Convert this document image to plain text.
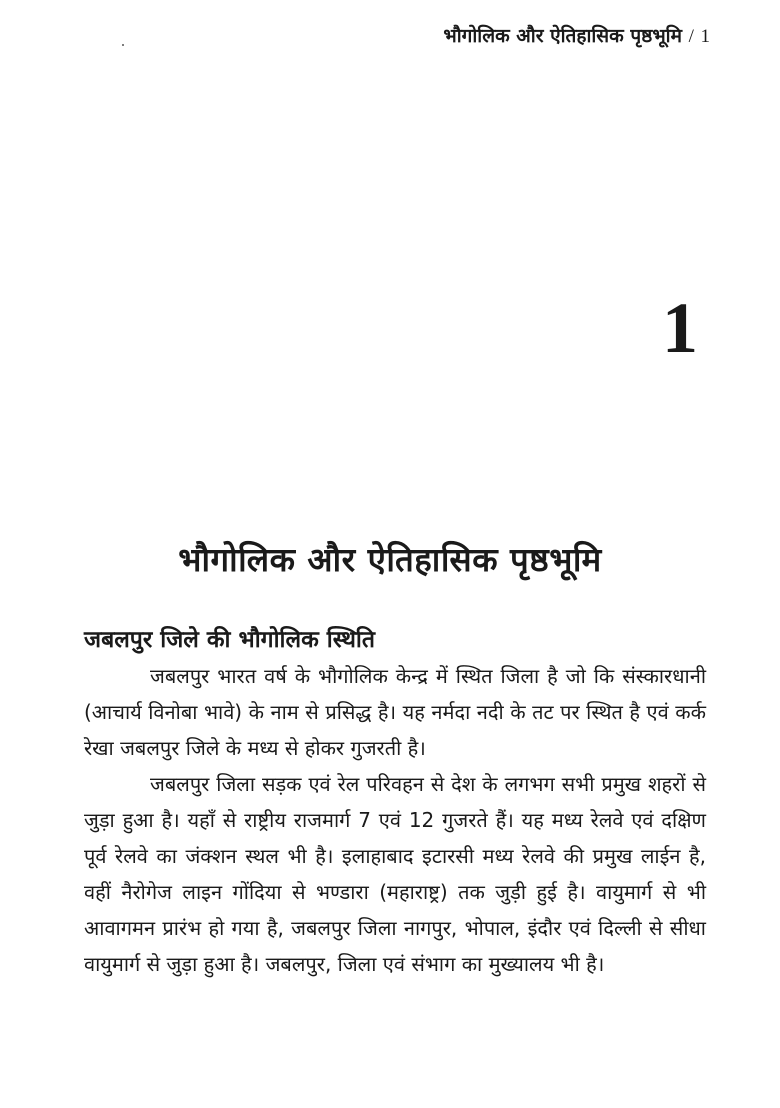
भौगोलिक और ऐतिहासिक पृष्ठभूमि / 1
1
भौगोलिक और ऐतिहासिक पृष्ठभूमि
जबलपुर जिले की भौगोलिक स्थिति

जबलपुर भारत वर्ष के भौगोलिक केन्द्र में स्थित जिला है जो कि संस्कारधानी (आचार्य विनोबा भावे) के नाम से प्रसिद्ध है। यह नर्मदा नदी के तट पर स्थित है एवं कर्क रेखा जबलपुर जिले के मध्य से होकर गुजरती है।

जबलपुर जिला सड़क एवं रेल परिवहन से देश के लगभग सभी प्रमुख शहरों से जुड़ा हुआ है। यहाँ से राष्ट्रीय राजमार्ग 7 एवं 12 गुजरते हैं। यह मध्य रेलवे एवं दक्षिण पूर्व रेलवे का जंक्शन स्थल भी है। इलाहाबाद इटारसी मध्य रेलवे की प्रमुख लाईन है, वहीं नैरोगेज लाइन गोंदिया से भण्डारा (महाराष्ट्र) तक जुड़ी हुई है। वायुमार्ग से भी आवागमन प्रारंभ हो गया है, जबलपुर जिला नागपुर, भोपाल, इंदौर एवं दिल्ली से सीधा वायुमार्ग से जुड़ा हुआ है। जबलपुर, जिला एवं संभाग का मुख्यालय भी है।
